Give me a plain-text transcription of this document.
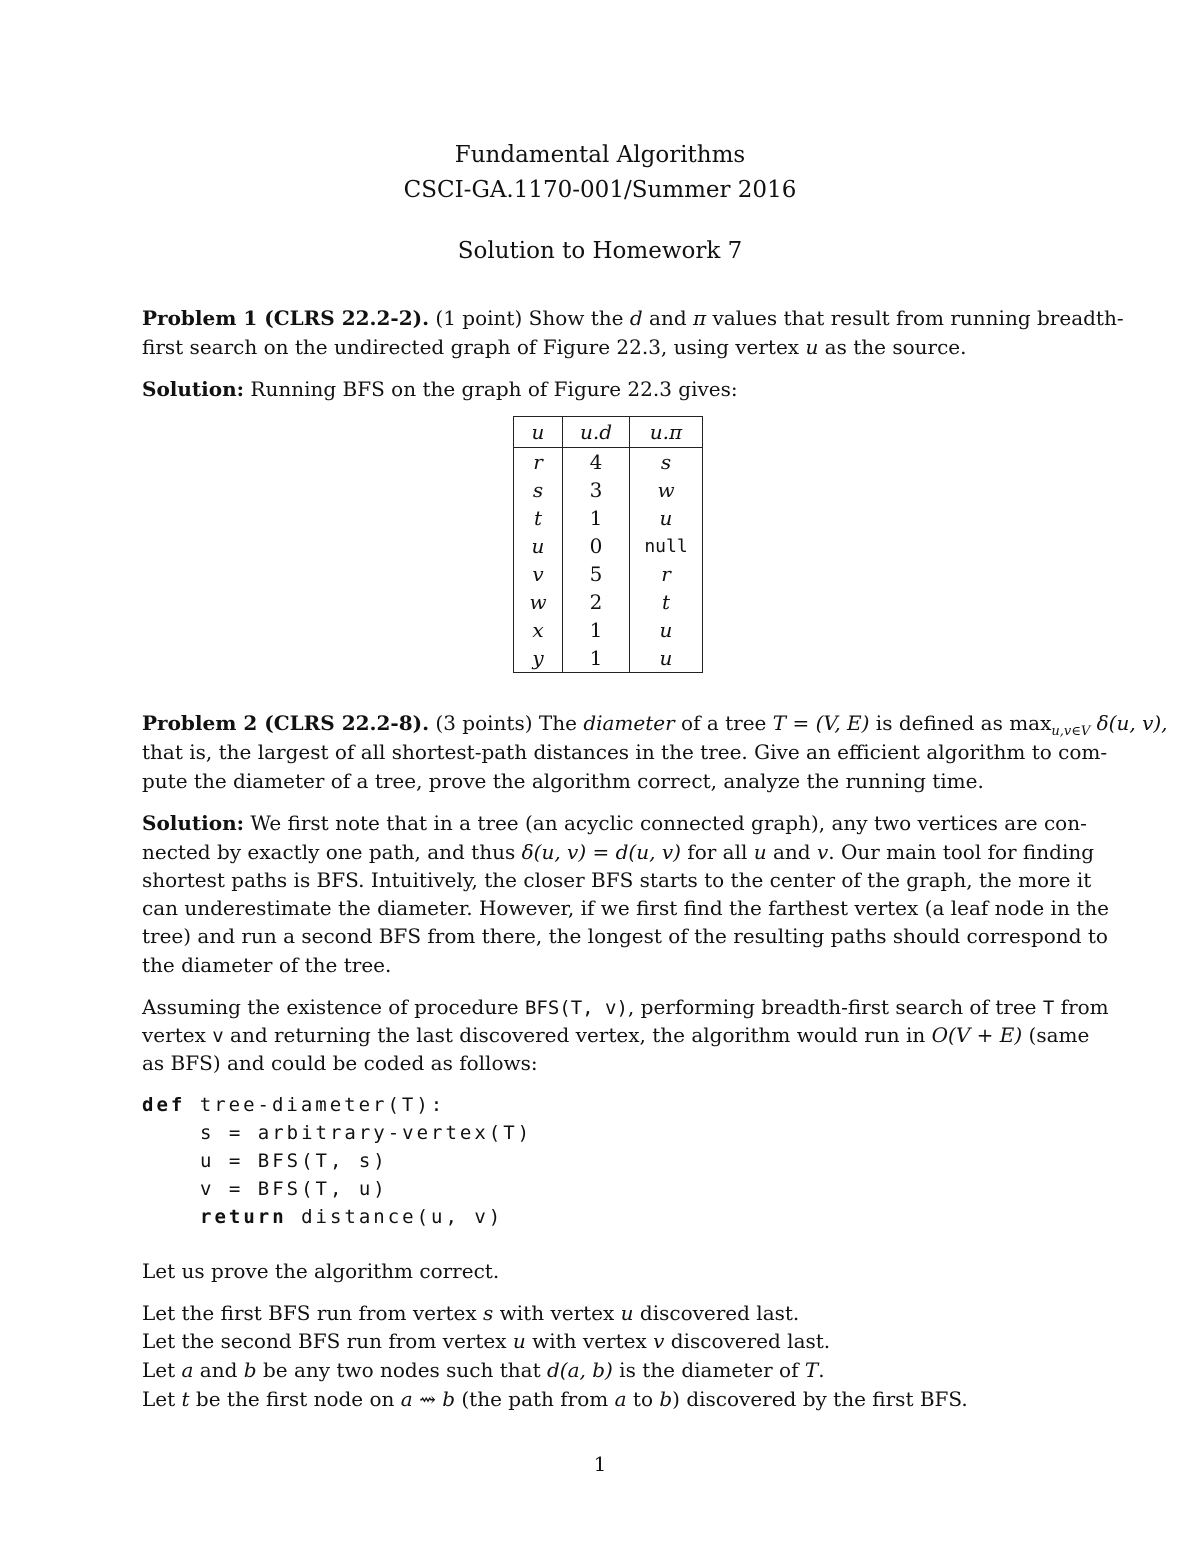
Fundamental Algorithms
CSCI-GA.1170-001/Summer 2016
Solution to Homework 7
Problem 1 (CLRS 22.2-2). (1 point) Show the d and π values that result from running breadth-
first search on the undirected graph of Figure 22.3, using vertex u as the source.
Solution: Running BFS on the graph of Figure 22.3 gives:
u	u.d	u.π
r	4	s
s	3	w
t	1	u
u	0	null
v	5	r
w	2	t
x	1	u
y	1	u
Problem 2 (CLRS 22.2-8). (3 points) The diameter of a tree T = (V, E) is defined as $\max_{u,v\in V} \delta(u$, v),
that is, the largest of all shortest-path distances in the tree. Give an efficient algorithm to com-
pute the diameter of a tree, prove the algorithm correct, analyze the running time.
Solution: We first note that in a tree (an acyclic connected graph), any two vertices are con-
nected by exactly one path, and thus δ(u, v) = d(u, v) for all u and v. Our main tool for finding
shortest paths is BFS. Intuitively, the closer BFS starts to the center of the graph, the more it
can underestimate the diameter. However, if we first find the farthest vertex (a leaf node in the
tree) and run a second BFS from there, the longest of the resulting paths should correspond to
the diameter of the tree.
Assuming the existence of procedure BFS(T, v), performing breadth-first search of tree T from
vertex v and returning the last discovered vertex, the algorithm would run in O(V + E) (same
as BFS) and could be coded as follows:
def tree-diameter(T):
s = arbitrary-vertex(T)
u = BFS(T, s)
v = BFS(T, u)
return distance(u, v)
Let us prove the algorithm correct.
Let the first BFS run from vertex s with vertex u discovered last.
Let the second BFS run from vertex u with vertex v discovered last.
Let a and b be any two nodes such that d(a, b) is the diameter of T.
Let t be the first node on a ⇝ b (the path from a to b) discovered by the first BFS.
1
